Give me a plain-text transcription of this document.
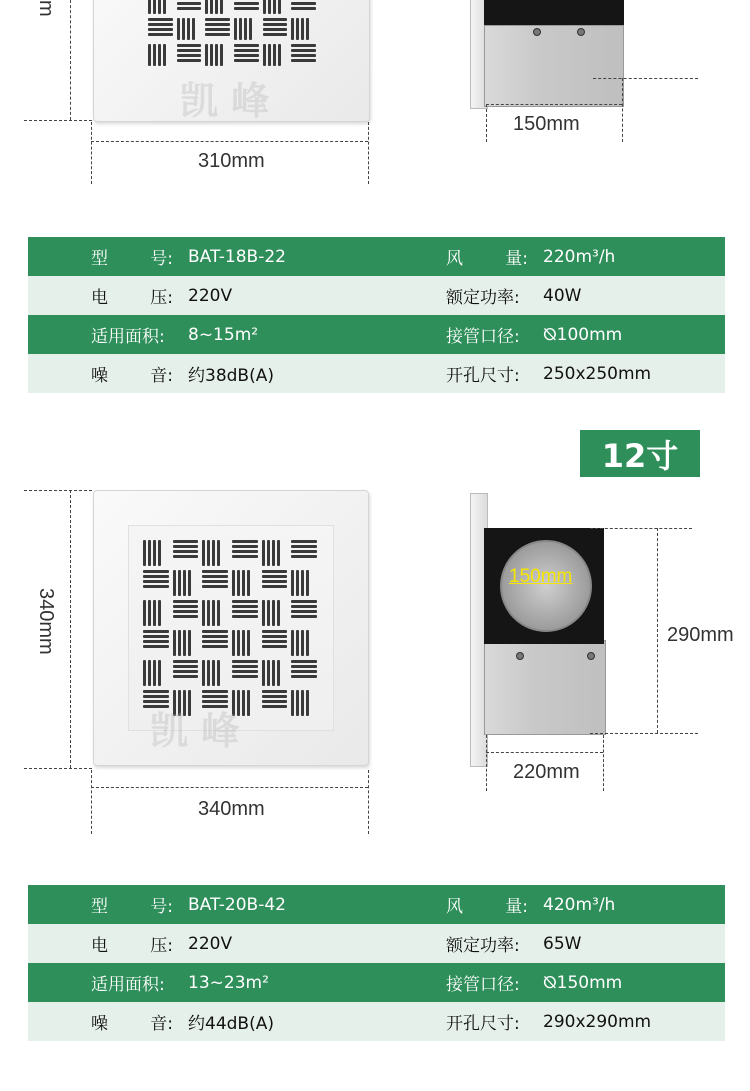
凯 峰
m
310mm
150mm
型 号: BAT-18B-22	风 量: 220m³/h
电 压: 220V	额定功率: 40W
适用面积: 8~15m²	接管口径: ⦰100mm
噪 音: 约38dB(A)	开孔尺寸: 250x250mm
12寸
凯 峰
340mm
340mm
150mm
290mm
220mm
型 号: BAT-20B-42	风 量: 420m³/h
电 压: 220V	额定功率: 65W
适用面积: 13~23m²	接管口径: ⦰150mm
噪 音: 约44dB(A)	开孔尺寸: 290x290mm
